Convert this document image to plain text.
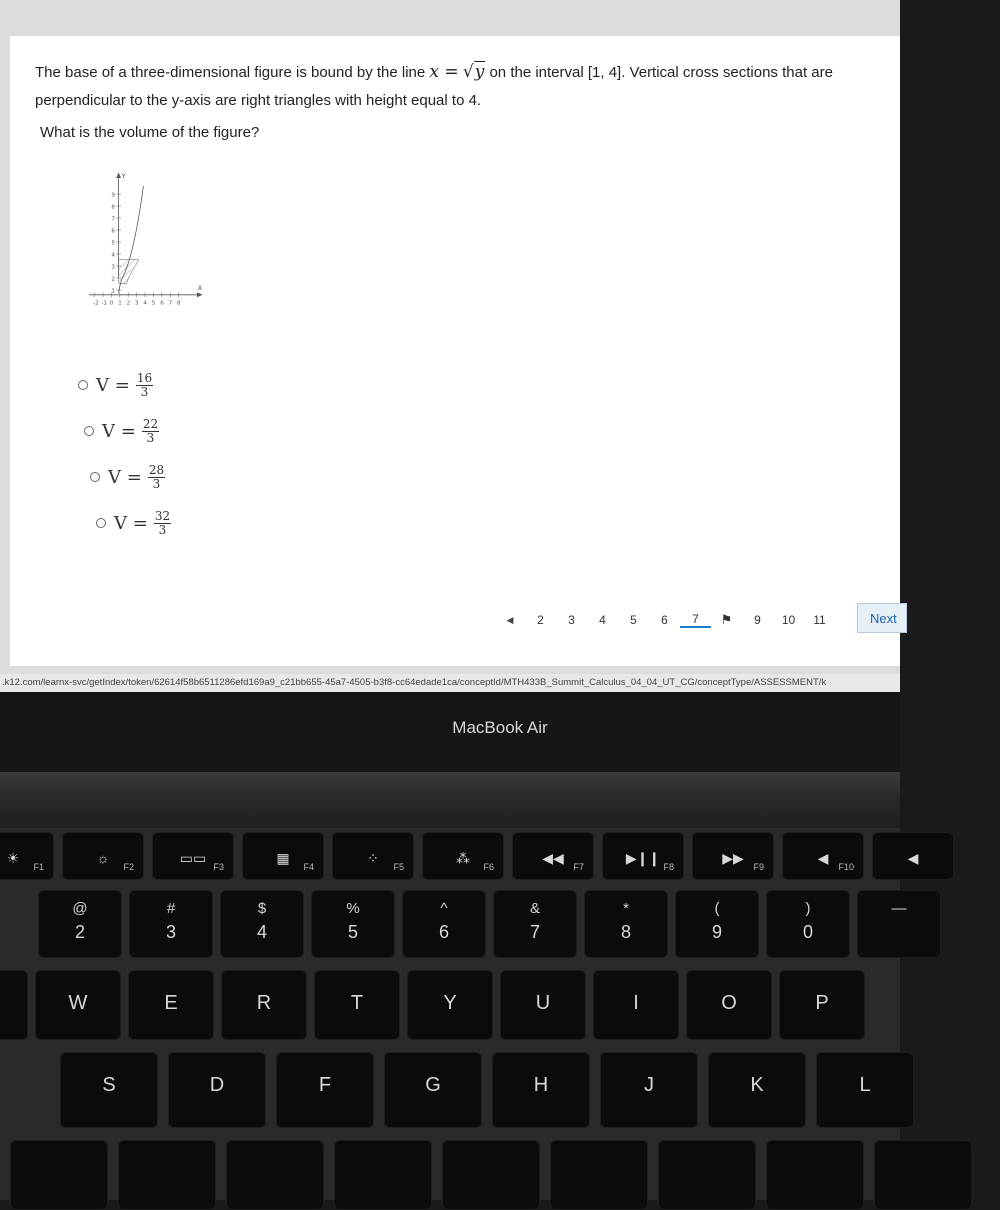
The base of a three-dimensional figure is bound by the line x = √y on the interval [1, 4]. Vertical cross sections that are
perpendicular to the y-axis are right triangles with height equal to 4.
What is the volume of the figure?
Y
X
1
2
3
4
5
6
7
8
9
-2 -1 0 1 2 3 4 5 6 7 8
$V = \frac{16}{3}$
$V = \frac{22}{3}$
$V = \frac{28}{3}$
$V = \frac{32}{3}$
◀	2	3	4	5	6	7	⚑	9	10	11	Next
.k12.com/learnx-svc/getIndex/token/62614f58b6511286efd169a9_c21bb655-45a7-4505-b3f8-cc64edade1ca/conceptId/MTH433B_Summit_Calculus_04_04_UT_CG/conceptType/ASSESSMENT/k
MacBook Air
☀
F1
☼
F2
▭▭
F3
▦
F4
⁘
F5
⁂
F6
◀◀
F7
▶❙❙
F8
▶▶
F9
◀
F10
◀
@
2
#
3
$
4
%
5
^
6
&
7
*
8
(
9
)
0
—
W	E	R	T	Y	U	I	O	P
S	D	F	G	H	J	K	L
